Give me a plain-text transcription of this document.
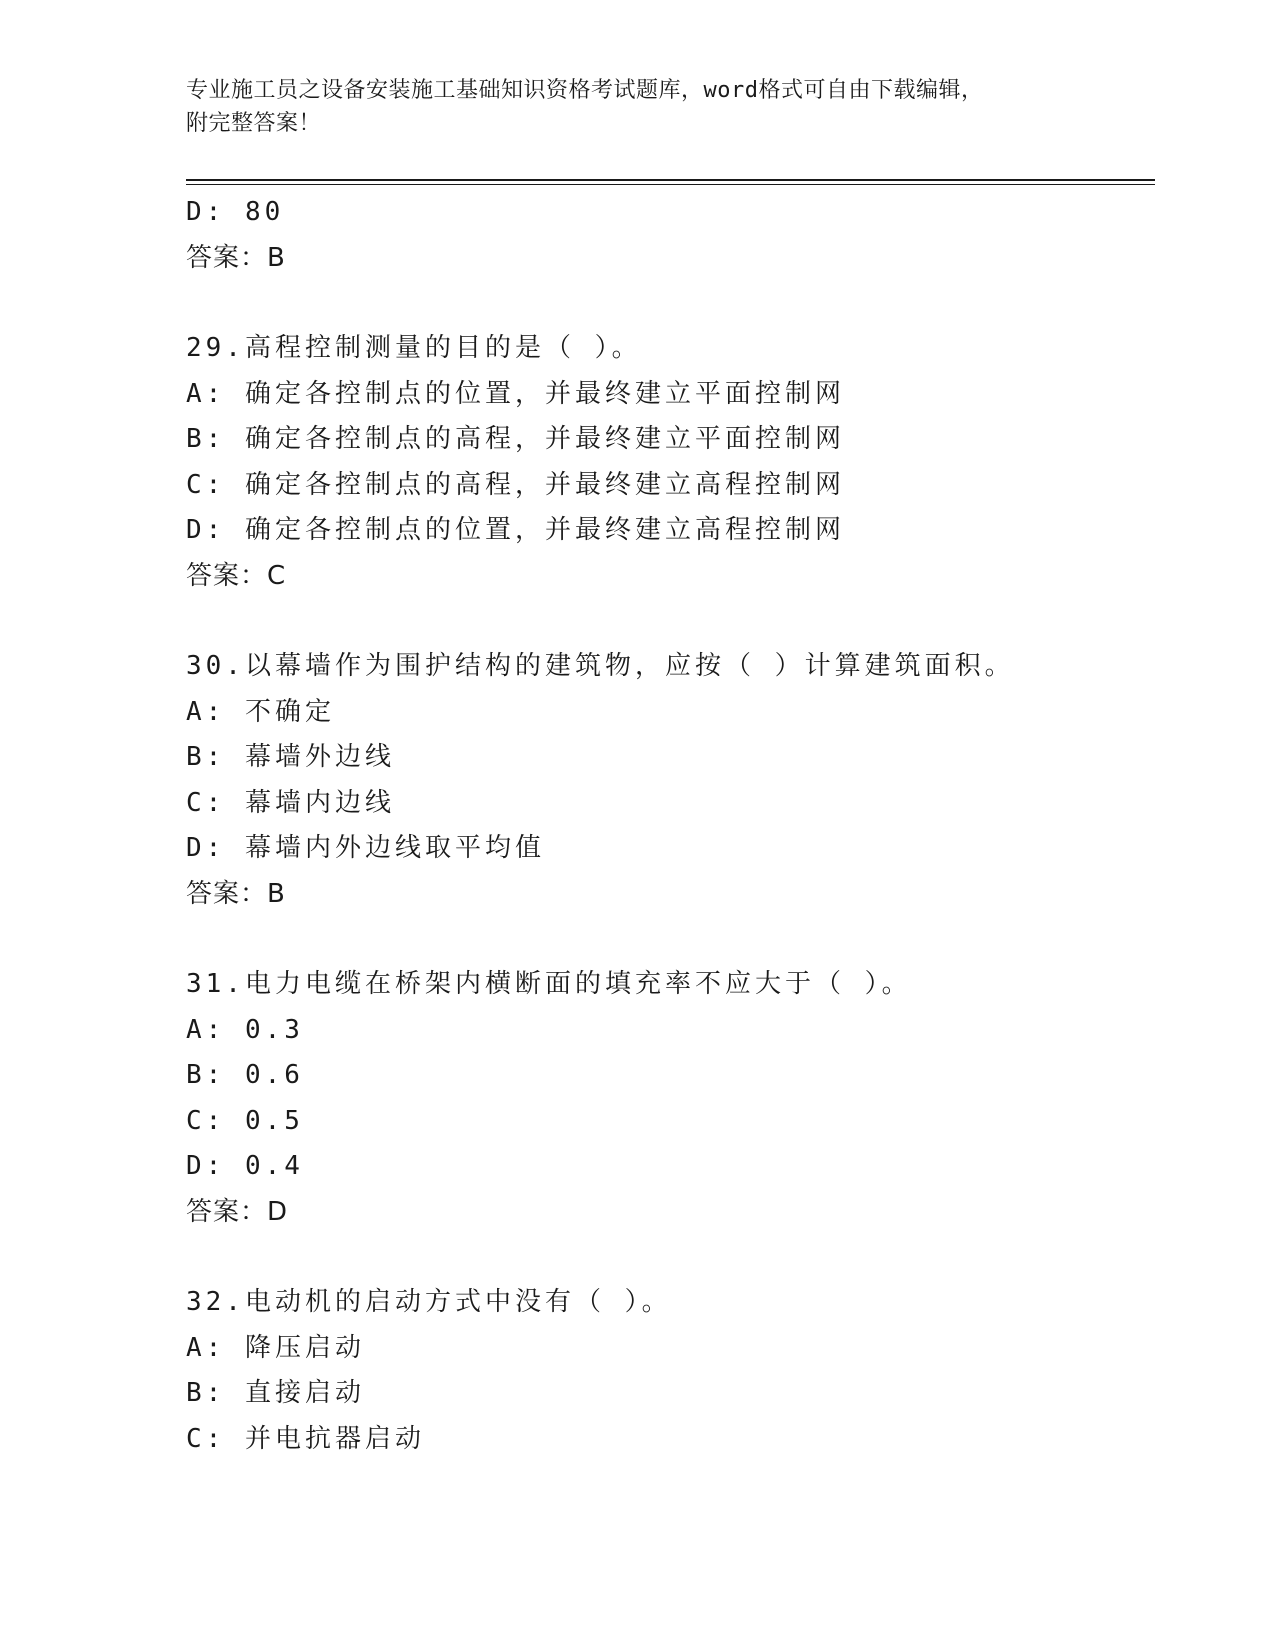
专业施工员之设备安装施工基础知识资格考试题库，word格式可自由下载编辑，
附完整答案！
D: 80
答案：B
29.高程控制测量的目的是（ ）。
A: 确定各控制点的位置，并最终建立平面控制网
B: 确定各控制点的高程，并最终建立平面控制网
C: 确定各控制点的高程，并最终建立高程控制网
D: 确定各控制点的位置，并最终建立高程控制网
答案：C
30.以幕墙作为围护结构的建筑物，应按（ ）计算建筑面积。
A: 不确定
B: 幕墙外边线
C: 幕墙内边线
D: 幕墙内外边线取平均值
答案：B
31.电力电缆在桥架内横断面的填充率不应大于（ ）。
A: 0.3
B: 0.6
C: 0.5
D: 0.4
答案：D
32.电动机的启动方式中没有（ ）。
A: 降压启动
B: 直接启动
C: 并电抗器启动
